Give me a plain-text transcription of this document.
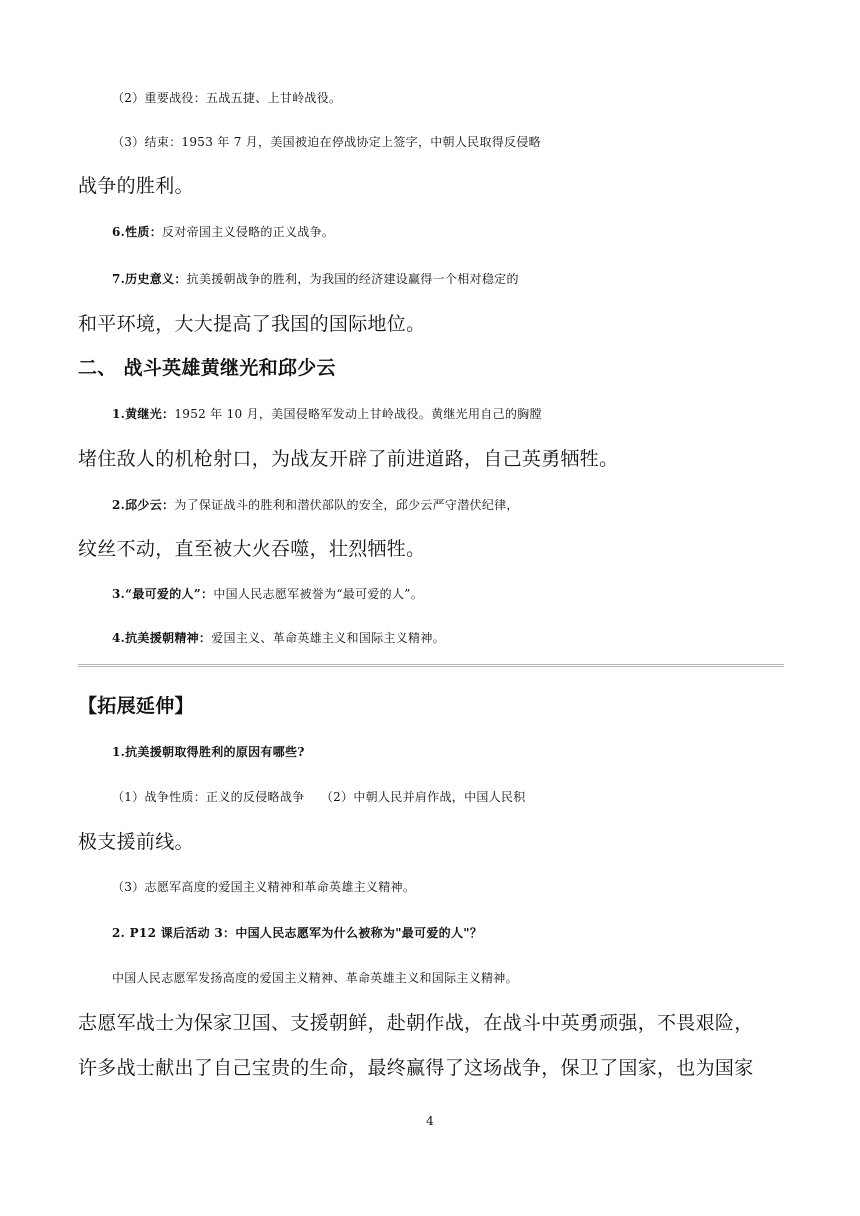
（2）重要战役：五战五捷、上甘岭战役。
（3）结束：1953 年 7 月，美国被迫在停战协定上签字，中朝人民取得反侵略
战争的胜利。
6.性质：反对帝国主义侵略的正义战争。
7.历史意义：抗美援朝战争的胜利，为我国的经济建设赢得一个相对稳定的
和平环境，大大提高了我国的国际地位。
二、 战斗英雄黄继光和邱少云
1.黄继光：1952 年 10 月，美国侵略军发动上甘岭战役。黄继光用自己的胸膛
堵住敌人的机枪射口，为战友开辟了前进道路，自己英勇牺牲。
2.邱少云：为了保证战斗的胜利和潜伏部队的安全，邱少云严守潜伏纪律，
纹丝不动，直至被大火吞噬，壮烈牺牲。
3.“最可爱的人”：中国人民志愿军被誉为“最可爱的人”。
4.抗美援朝精神：爱国主义、革命英雄主义和国际主义精神。
【拓展延伸】
1.抗美援朝取得胜利的原因有哪些?
（1）战争性质：正义的反侵略战争　 （2）中朝人民并肩作战，中国人民积
极支援前线。
（3）志愿军高度的爱国主义精神和革命英雄主义精神。
2. P12 课后活动 3：中国人民志愿军为什么被称为"最可爱的人"？
中国人民志愿军发扬高度的爱国主义精神、革命英雄主义和国际主义精神。
志愿军战士为保家卫国、支援朝鲜，赴朝作战，在战斗中英勇顽强，不畏艰险，
许多战士献出了自己宝贵的生命，最终赢得了这场战争，保卫了国家，也为国家
4
